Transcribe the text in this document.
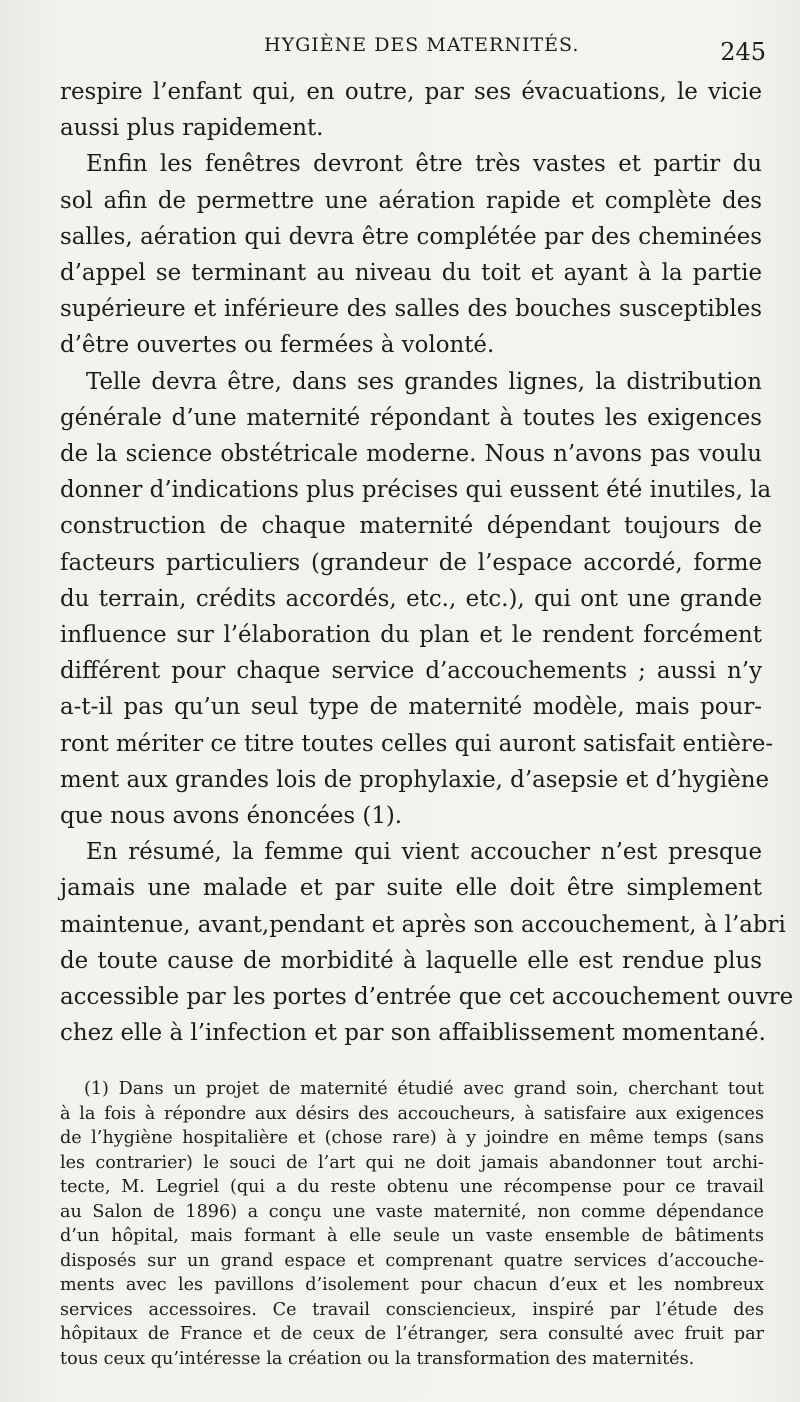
HYGIÈNE DES MATERNITÉS.	245
respire l’enfant qui, en outre, par ses évacuations, le vicie
aussi plus rapidement.
Enfin les fenêtres devront être très vastes et partir du
sol afin de permettre une aération rapide et complète des
salles, aération qui devra être complétée par des cheminées
d’appel se terminant au niveau du toit et ayant à la partie
supérieure et inférieure des salles des bouches susceptibles
d’être ouvertes ou fermées à volonté.
Telle devra être, dans ses grandes lignes, la distribution
générale d’une maternité répondant à toutes les exigences
de la science obstétricale moderne. Nous n’avons pas voulu
donner d’indications plus précises qui eussent été inutiles, la
construction de chaque maternité dépendant toujours de
facteurs particuliers (grandeur de l’espace accordé, forme
du terrain, crédits accordés, etc., etc.), qui ont une grande
influence sur l’élaboration du plan et le rendent forcément
différent pour chaque service d’accouchements ; aussi n’y
a-t-il pas qu’un seul type de maternité modèle, mais pour-
ront mériter ce titre toutes celles qui auront satisfait entière-
ment aux grandes lois de prophylaxie, d’asepsie et d’hygiène
que nous avons énoncées (1).
En résumé, la femme qui vient accoucher n’est presque
jamais une malade et par suite elle doit être simplement
maintenue, avant,pendant et après son accouchement, à l’abri
de toute cause de morbidité à laquelle elle est rendue plus
accessible par les portes d’entrée que cet accouchement ouvre
chez elle à l’infection et par son affaiblissement momentané.
(1) Dans un projet de maternité étudié avec grand soin, cherchant tout
à la fois à répondre aux désirs des accoucheurs, à satisfaire aux exigences
de l’hygiène hospitalière et (chose rare) à y joindre en même temps (sans
les contrarier) le souci de l’art qui ne doit jamais abandonner tout archi-
tecte, M. Legriel (qui a du reste obtenu une récompense pour ce travail
au Salon de 1896) a conçu une vaste maternité, non comme dépendance
d’un hôpital, mais formant à elle seule un vaste ensemble de bâtiments
disposés sur un grand espace et comprenant quatre services d’accouche-
ments avec les pavillons d’isolement pour chacun d’eux et les nombreux
services accessoires. Ce travail consciencieux, inspiré par l’étude des
hôpitaux de France et de ceux de l’étranger, sera consulté avec fruit par
tous ceux qu’intéresse la création ou la transformation des maternités.
